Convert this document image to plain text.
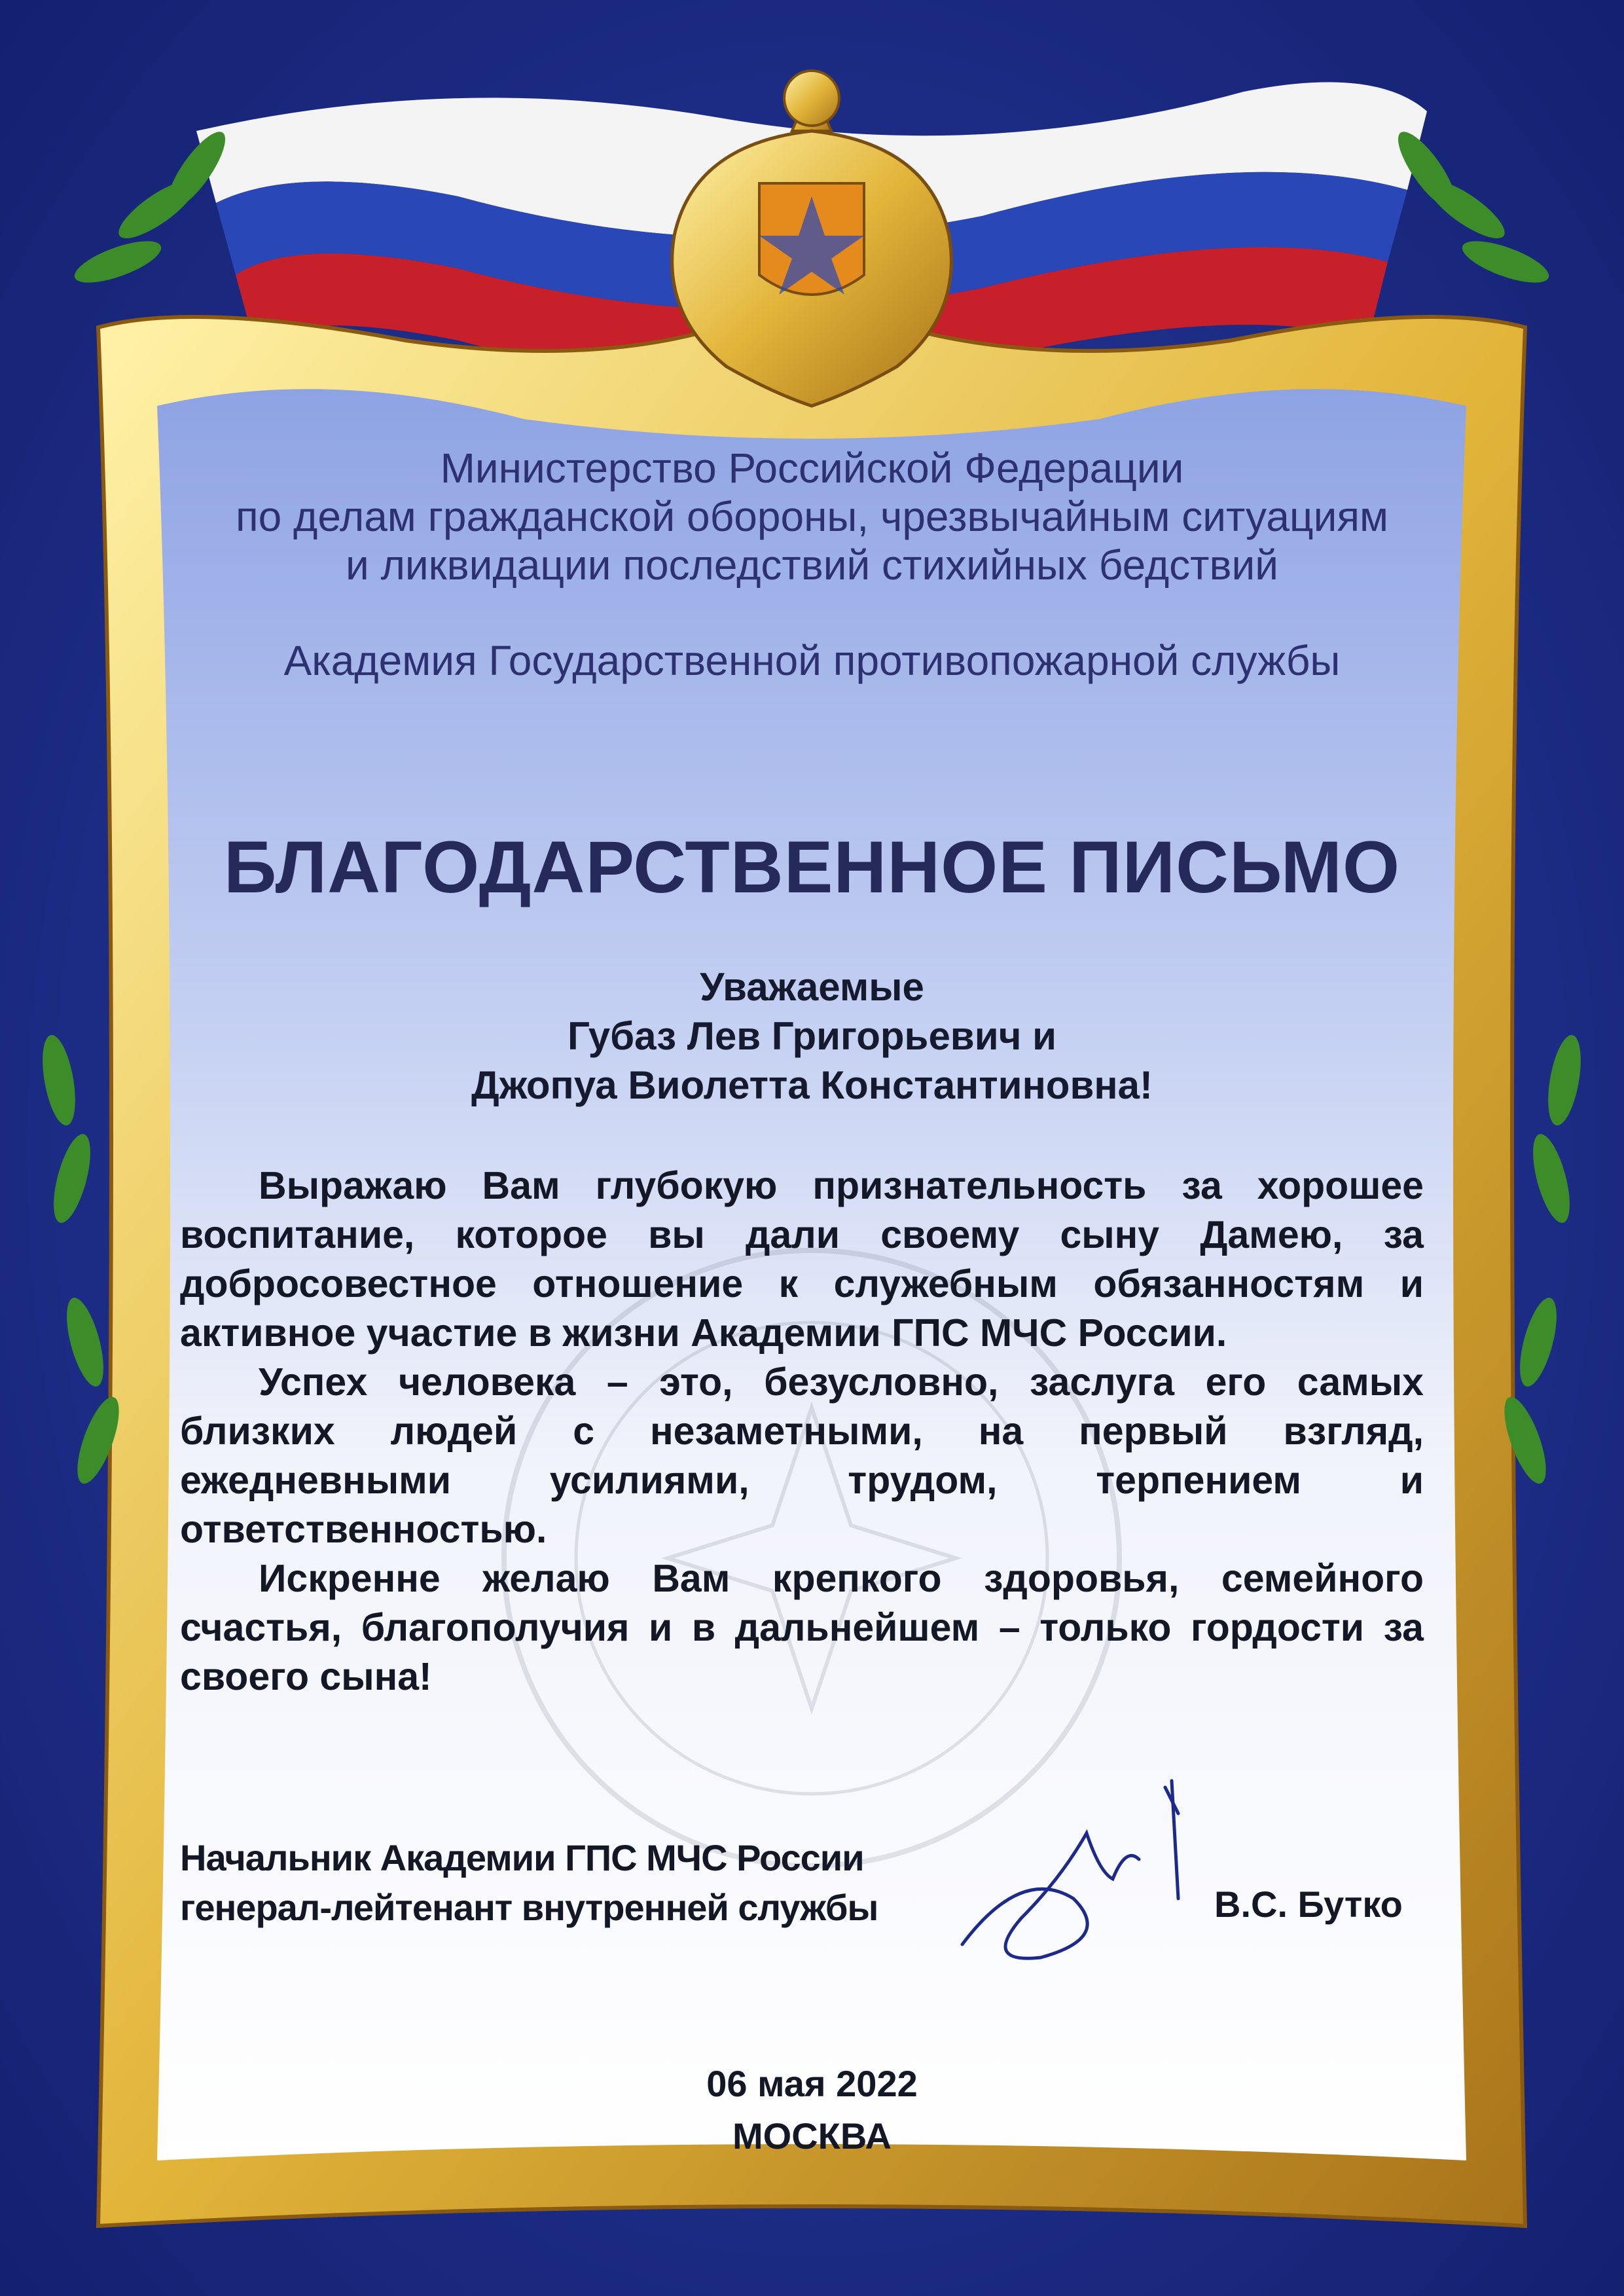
Министерство Российской Федерации
по делам гражданской обороны, чрезвычайным ситуациям
и ликвидации последствий стихийных бедствий
Академия Государственной противопожарной службы
БЛАГОДАРСТВЕННОЕ ПИСЬМО
Уважаемые
Губаз Лев Григорьевич и
Джопуа Виолетта Константиновна!

Выражаю Вам глубокую признательность за хорошее воспитание, которое вы дали своему сыну Дамею, за добросовестное отношение к служебным обязанностям и активное участие в жизни Академии ГПС МЧС России.

Успех человека – это, безусловно, заслуга его самых близких людей с незаметными, на первый взгляд, ежедневными усилиями, трудом, терпением и ответственностью.

Искренне желаю Вам крепкого здоровья, семейного счастья, благополучия и в дальнейшем – только гордости за своего сына!

Начальник Академии ГПС МЧС России
генерал-лейтенант внутренней службы	В.С. Бутко
06 мая 2022
МОСКВА
